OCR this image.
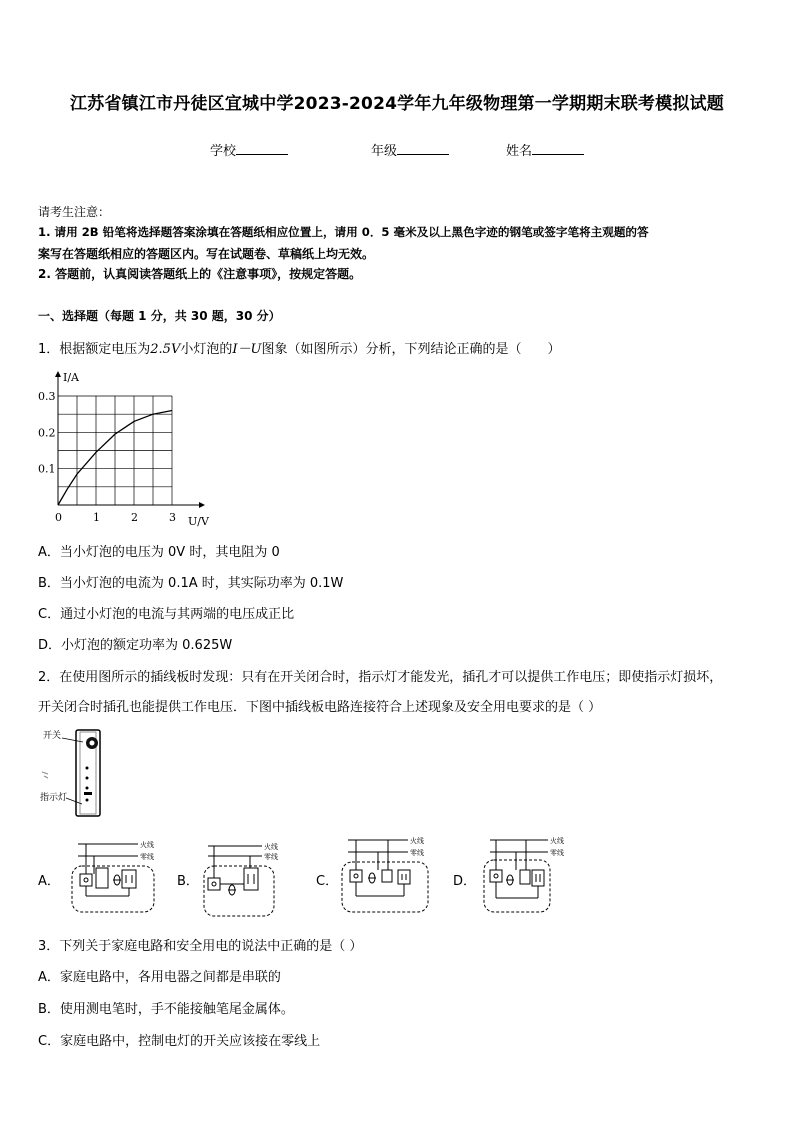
江苏省镇江市丹徒区宜城中学2023-2024学年九年级物理第一学期期末联考模拟试题
学校	年级	姓名
请考生注意：
1. 请用 2B 铅笔将选择题答案涂填在答题纸相应位置上，请用 0．5 毫米及以上黑色字迹的钢笔或签字笔将主观题的答
案写在答题纸相应的答题区内。写在试题卷、草稿纸上均无效。
2. 答题前，认真阅读答题纸上的《注意事项》，按规定答题。
一、选择题（每题 1 分，共 30 题，30 分）
1．根据额定电压为2.5V小灯泡的I－U图象（如图所示）分析，下列结论正确的是（　　）
0	1	2	3
0.1
0.2
0.3
I/A
U/V
A．当小灯泡的电压为 0V 时，其电阻为 0
B．当小灯泡的电流为 0.1A 时，其实际功率为 0.1W
C．通过小灯泡的电流与其两端的电压成正比
D．小灯泡的额定功率为 0.625W
2．在使用图所示的插线板时发现：只有在开关闭合时，指示灯才能发光，插孔才可以提供工作电压；即使指示灯损坏，
开关闭合时插孔也能提供工作电压．下图中插线板电路连接符合上述现象及安全用电要求的是（ ）
开关
指示灯
A．	B．	C．	D．
火线
零线
火线
零线
火线
零线
火线
零线
3．下列关于家庭电路和安全用电的说法中正确的是（ ）
A．家庭电路中，各用电器之间都是串联的
B．使用测电笔时，手不能接触笔尾金属体。
C．家庭电路中，控制电灯的开关应该接在零线上
